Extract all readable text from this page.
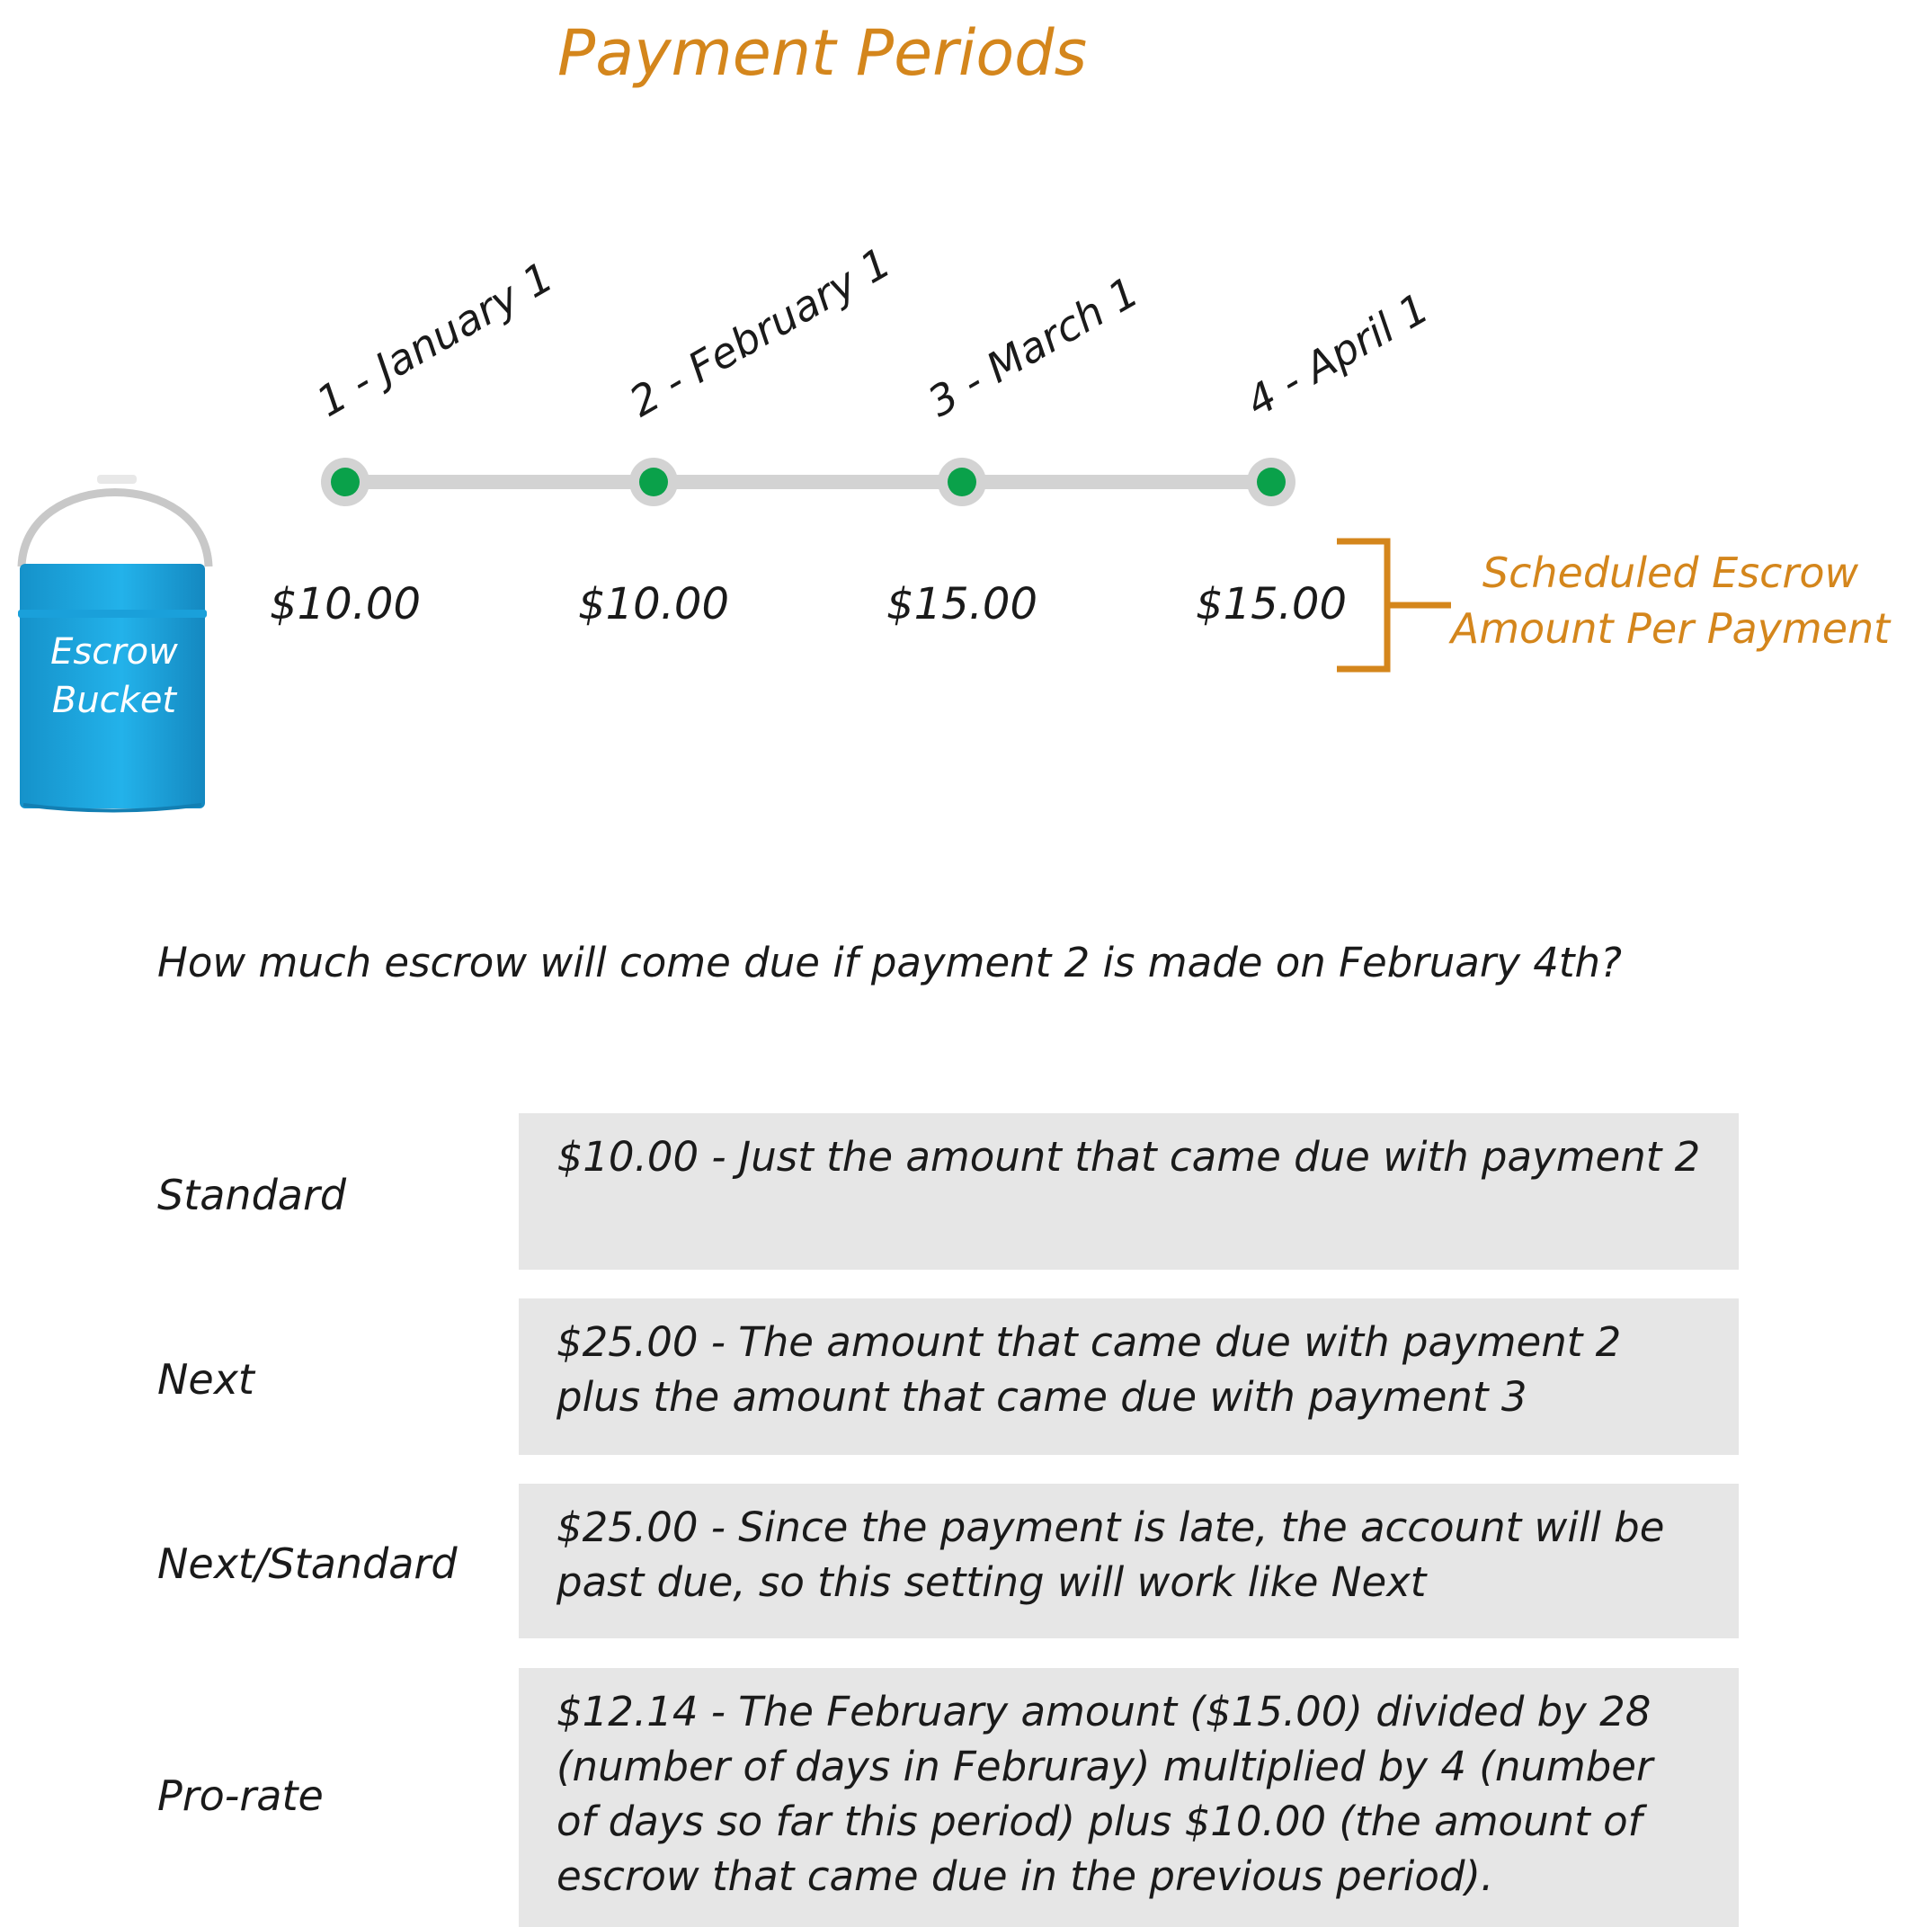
Payment Periods
1 - January 1 2 - February 1 3 - March 1 4 - April 1
$10.00	$10.00	$15.00	$15.00
Scheduled Escrow
Amount Per Payment
Escrow
Bucket
How much escrow will come due if payment 2 is made on February 4th?
Standard
$10.00 - Just the amount that came due with payment 2
Next
$25.00 - The amount that came due with payment 2 plus the amount that came due with payment 3
Next/Standard
$25.00 - Since the payment is late, the account will be past due, so this setting will work like Next
Pro-rate
$12.14 - The February amount ($15.00) divided by 28 (number of days in Februray) multiplied by 4 (number of days so far this period) plus $10.00 (the amount of escrow that came due in the previous period).
